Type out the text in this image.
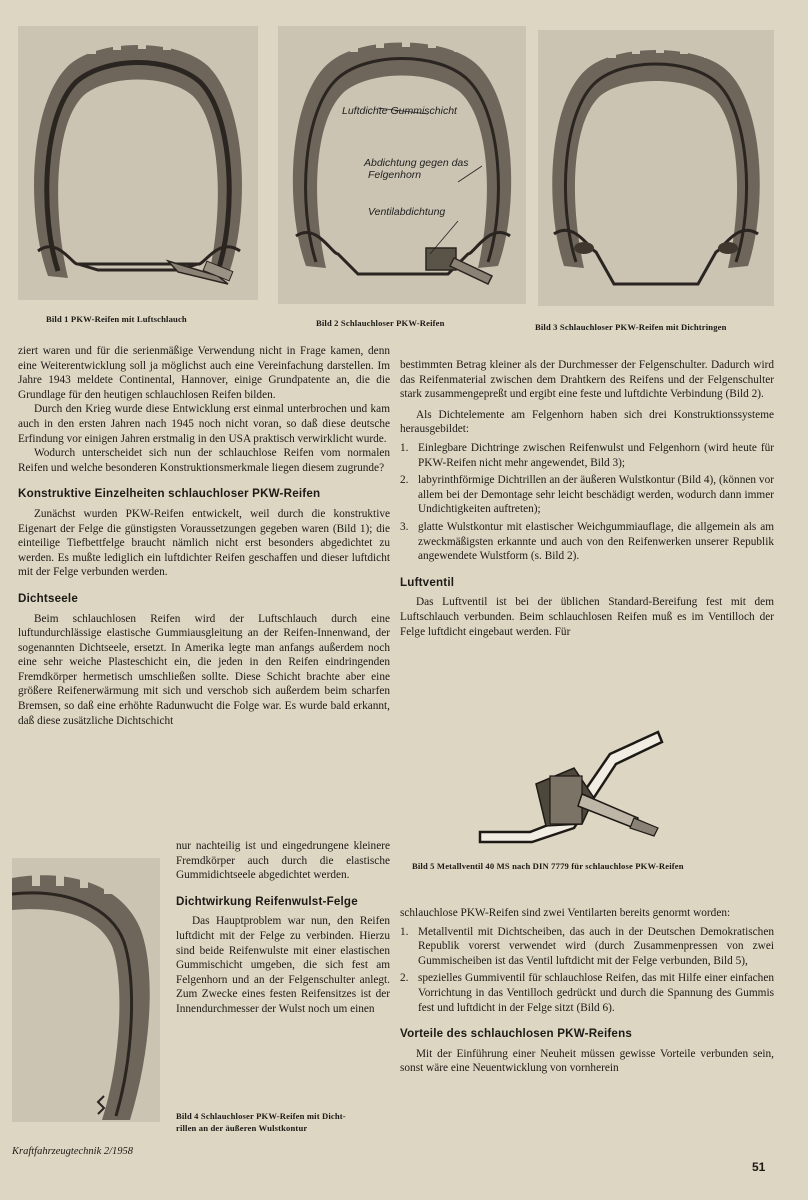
Bild 1 PKW-Reifen mit Luftschlauch
Luftdichte Gummischicht
Abdichtung gegen das
Felgenhorn
Ventilabdichtung
Bild 2 Schlauchloser PKW-Reifen	Bild 3 Schlauchloser PKW-Reifen mit Dichtringen

ziert waren und für die serienmäßige Verwendung nicht in Frage kamen, denn eine Weiterentwicklung soll ja möglichst auch eine Vereinfachung darstellen. Im Jahre 1943 meldete Continental, Hannover, einige Grundpatente an, die die Grundlage für den heutigen schlauchlosen Reifen bilden.

Durch den Krieg wurde diese Entwicklung erst einmal unterbrochen und kam auch in den ersten Jahren nach 1945 noch nicht voran, so daß diese deutsche Erfindung vor einigen Jahren erstmalig in den USA praktisch verwirklicht wurde.

Wodurch unterscheidet sich nun der schlauchlose Reifen vom normalen Reifen und welche besonderen Konstruktionsmerkmale liegen diesem zugrunde?

Konstruktive Einzelheiten schlauchloser PKW-Reifen

Zunächst wurden PKW-Reifen entwickelt, weil durch die konstruktive Eigenart der Felge die günstigsten Voraussetzungen gegeben waren (Bild 1); die einteilige Tiefbettfelge braucht nämlich nicht erst besonders abgedichtet zu werden. Es mußte lediglich ein luftdichter Reifen geschaffen und dieser luftdicht mit der Felge verbunden werden.

Dichtseele

Beim schlauchlosen Reifen wird der Luftschlauch durch eine luftundurchlässige elastische Gummiausgleitung an der Reifen-Innenwand, der sogenannten Dichtseele, ersetzt. In Amerika legte man anfangs außerdem noch eine sehr weiche Plasteschicht ein, die jeden in den Reifen eindringenden Fremdkörper hermetisch umschließen sollte. Diese Schicht brachte aber eine größere Reifenerwärmung mit sich und verschob sich außerdem beim scharfen Bremsen, so daß eine erhöhte Radunwucht die Folge war. Es wurde bald erkannt, daß diese zusätzliche Dichtschicht

nur nachteilig ist und eingedrungene kleinere Fremdkörper auch durch die elastische Gummidichtseele abgedichtet werden.

Dichtwirkung Reifenwulst-Felge

Das Hauptproblem war nun, den Reifen luftdicht mit der Felge zu verbinden. Hierzu sind beide Reifenwulste mit einer elastischen Gummischicht umgeben, die sich fest am Felgenhorn und an der Felgenschulter anlegt. Zum Zwecke eines festen Reifensitzes ist der Innendurchmesser der Wulst noch um einen

Bild 4 Schlauchloser PKW-Reifen mit Dicht-
rillen an der äußeren Wulstkontur

bestimmten Betrag kleiner als der Durchmesser der Felgenschulter. Dadurch wird das Reifenmaterial zwischen dem Drahtkern des Reifens und der Felgenschulter stark zusammengepreßt und ergibt eine feste und luftdichte Verbindung (Bild 2).

Als Dichtelemente am Felgenhorn haben sich drei Konstruktionssysteme herausgebildet:

1. Einlegbare Dichtringe zwischen Reifenwulst und Felgenhorn (wird heute für PKW-Reifen nicht mehr angewendet, Bild 3);
2. labyrinthförmige Dichtrillen an der äußeren Wulstkontur (Bild 4), (können vor allem bei der Demontage sehr leicht beschädigt werden, wodurch dann immer Undichtigkeiten auftreten);
3. glatte Wulstkontur mit elastischer Weichgummiauflage, die allgemein als am zweckmäßigsten erkannte und auch von den Reifenwerken unserer Republik angewendete Wulstform (s. Bild 2).
Luftventil

Das Luftventil ist bei der üblichen Standard-Bereifung fest mit dem Luftschlauch verbunden. Beim schlauchlosen Reifen muß es im Ventilloch der Felge luftdicht eingebaut werden. Für

Bild 5 Metallventil 40 MS nach DIN 7779 für schlauchlose PKW-Reifen

schlauchlose PKW-Reifen sind zwei Ventilarten bereits genormt worden:

1. Metallventil mit Dichtscheiben, das auch in der Deutschen Demokratischen Republik vorerst verwendet wird (durch Zusammenpressen von zwei Gummischeiben ist das Ventil luftdicht mit der Felge verbunden, Bild 5),
2. spezielles Gummiventil für schlauchlose Reifen, das mit Hilfe einer einfachen Vorrichtung in das Ventilloch gedrückt und durch die Spannung des Gummis fest und luftdicht in der Felge sitzt (Bild 6).
Vorteile des schlauchlosen PKW-Reifens

Mit der Einführung einer Neuheit müssen gewisse Vorteile verbunden sein, sonst wäre eine Neuentwicklung von vornherein

Kraftfahrzeugtechnik 2/1958
51
